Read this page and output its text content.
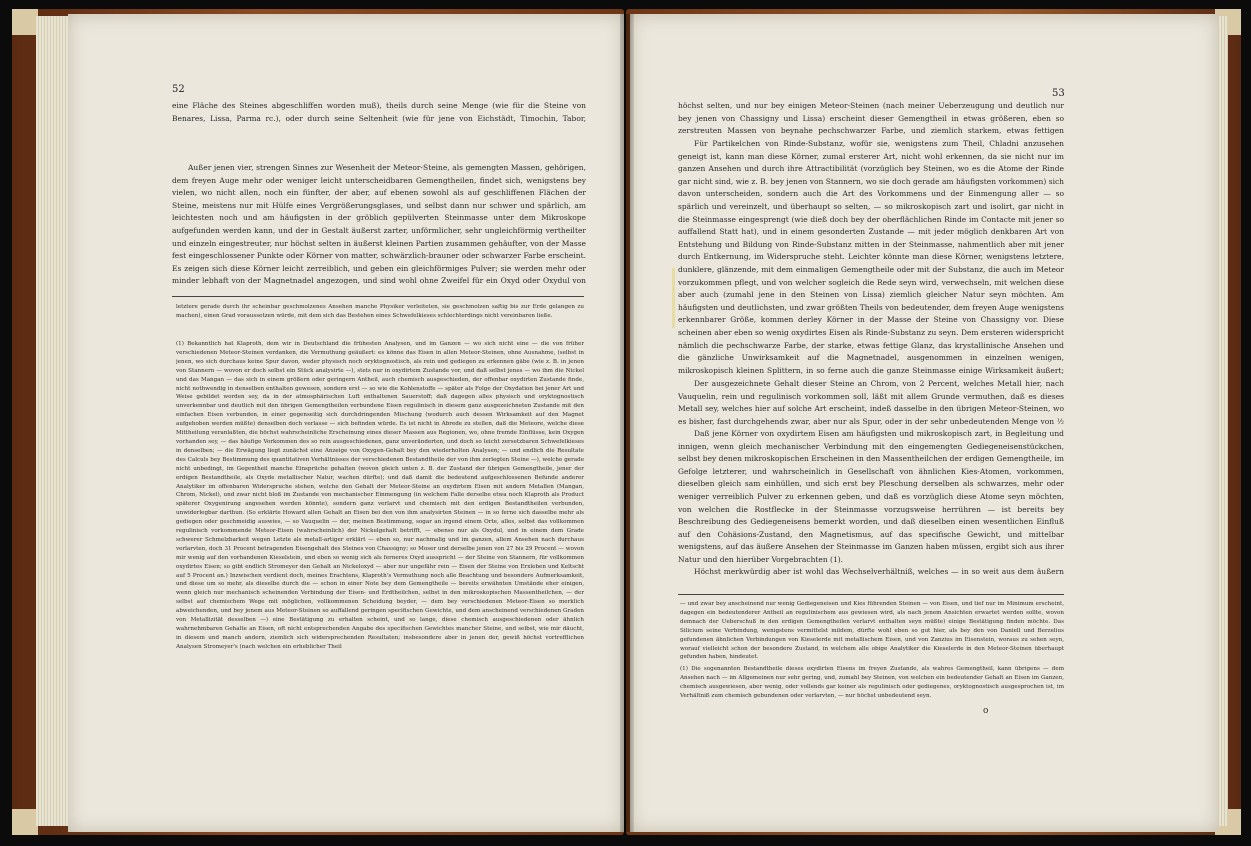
52
eine Fläche des Steines abgeschliffen worden muß), theils durch seine Menge (wie für die Steine von Benares, Lissa, Parma rc.), oder durch seine Seltenheit (wie für jene von Eichstädt, Timochin, Tabor,
Außer jenen vier, strengen Sinnes zur Wesenheit der Meteor-Steine, als gemengten Massen, gehörigen, dem freyen Auge mehr oder weniger leicht unterscheidbaren Gemengtheilen, findet sich, wenigstens bey vielen, wo nicht allen, noch ein fünfter, der aber, auf ebenen sowohl als auf geschliffenen Flächen der Steine, meistens nur mit Hülfe eines Vergrößerungsglases, und selbst dann nur schwer und spärlich, am leichtesten noch und am häufigsten in der gröblich gepülverten Steinmasse unter dem Mikroskope aufgefunden werden kann, und der in Gestalt äußerst zarter, unförmlicher, sehr ungleichförmig vertheilter und einzeln eingestreuter, nur höchst selten in äußerst kleinen Partien zusammen gehäufter, von der Masse fest eingeschlossener Punkte oder Körner von matter, schwärzlich-brauner oder schwarzer Farbe erscheint. Es zeigen sich diese Körner leicht zerreiblich, und geben ein gleichförmiges Pulver; sie werden mehr oder minder lebhaft von der Magnetnadel angezogen, und sind wohl ohne Zweifel für ein Oxyd oder Oxydul von
letztere gerade durch ihr scheinbar geschmolzenes Ansehen manche Physiker verleiteten, sie geschmolzen saftig bis zur Erde gelangen zu machen), einen Grad voraussetzen würde, mit dem sich das Bestehen eines Schwefelkieses schlechterdings nicht vereinbaren ließe.
(1) Bekanntlich hat Klaproth, dem wir in Deutschland die frühesten Analysen, und im Ganzen — wo sich nicht eine — die von früher verschiedenen Meteor-Steinen verdanken, die Vermuthung geäußert: es könne das Eisen in allen Meteor-Steinen, ohne Ausnahme, (selbst in jenen, wo sich durchaus keine Spur davon, weder physisch noch oryktognostisch, als rein und gediegen zu erkennen gäbe (wie z. B. in jenen von Stannern — wovon er doch selbst ein Stück analysirte —), stets nur in oxydirtem Zustande vor, und daß selbst jenes — wo ihm die Nickel und das Mangan — das sich in einem größern oder geringern Antheil, auch chemisch ausgeschieden, der offenbar oxydirten Zustande finde, nicht nothwendig in denselben enthalten gewesen, sondern erst — so wie die Kohlenstoffe — später als Folge der Oxydation bei jener Art und Weise gebildet worden sey, da in der atmosphärischen Luft enthaltenen Sauerstoff; daß dagegen alles physisch und oryktognostisch unverkennbar und deutlich mit den übrigen Gemengtheilen verbundene Eisen regulinisch in diesem ganz ausgezeichneten Zustande mit den einfachen Eisen verbunden, in einer gegenseitig sich durchdringenden Mischung (wodurch auch dessen Wirksamkeit auf den Magnet aufgehoben werden müßte) denselben doch verlasse — sich befinden würde. Es ist nicht in Abrede zu stellen, daß die Meteore, welche diese Mittheilung veranlaßten, die höchst wahrscheinliche Erscheinung eines dieser Massen aus Regionen, wo, ohne fremde Einflüsse, kein Oxygen vorhanden sey, — das häufige Vorkommen des so rein ausgeschiedenen, ganz unveränderten, und doch so leicht zersetzbaren Schwefelkieses in denselben; — die Erwägung liegt zunächst eine Anzeige von Oxygen-Gehalt bey den wiederholten Analysen; — und endlich die Resultate des Calculs bey Bestimmung des quantitativen Verhältnisses der verschiedenen Bestandtheile der von ihm zerlegten Steine —), welche gerade nicht unbedingt, im Gegentheil manche Einsprüche gehalten (wovon gleich unten z. B. der Zustand der übrigen Gemengtheile, jener der erdigen Bestandtheile, als Oxyde metallischer Natur, wachen dürfte); und daß damit die bedeutend aufgeschlossenen Befunde anderer Analytiker im offenbaren Widerspruche stehen, welche den Gehalt der Meteor-Steine an oxydirtem Eisen mit andern Metallen (Mangan, Chrom, Nickel), und zwar nicht bloß im Zustande von mechanischer Einmengung (in welchem Falle derselbe etwa noch Klaproth als Product späterer Oxygenirung angesehen werden könnte), sondern ganz verlarvt und chemisch mit den erdigen Bestandtheilen verbunden, unwiderlegbar darthun. (So erklärte Howard allen Gehalt an Eisen bei den von ihm analysirten Steinen — in so ferne sich dasselbe mehr als gediegen oder geschmeidig auswies, — so Vauquelin — der, meinen Bestimmung, sogar an irgend einem Orte, alles, selbst das vollkommen regulinisch vorkommende Meteor-Eisen (wahrscheinlich) der Nickelgehalt betrifft, — ebenso nur als Oxydul, und in einem dem Grade schwerer Schmelzbarkeit wegen Letzte als metall-artiger erklärt — eben so, nur nachmalig und im ganzen, allem Ansehen nach durchaus verlarvten, doch 31 Procent betragenden Eisengehalt des Steines von Chassigny; so Moser und derselbe jenen von 27 bis 29 Procent — wovon mir wenig auf den vorhandenen Kieselstein, und eben so wenig sich als ferneres Oxyd ausspricht — der Steine von Stannern, für vollkommen oxydirtes Eisen; so gibt endlich Stromeyer den Gehalt an Nickeloxyd — aber nur ungefähr rein — Eisen der Steine von Erxleben und Keltscht auf 5 Procent an.) Inzwischen verdient doch, meines Erachtens, Klaproth's Vermuthung noch alle Beachtung und besondere Aufmerksamkeit, und diese um so mehr, als dieselbe durch die — schon in einer Note bey dem Gemengtheile — bereits erwähnten Umstände eher einigen, wenn gleich nur mechanisch scheinenden Verbindung der Eisen- und Erdtheilchen, selbst in den mikroskopischen Massentheilchen, — der selbst auf chemischem Wege mit möglichen, vollkommenen Scheidung beyder, — dem bey verschiedenen Meteor-Eisen so merklich abweichenden, und bey jenem aus Meteor-Steinen so auffallend geringen specifischen Gewichte, und dem anscheinend verschiedenen Graden von Metallizität desselben —) eine Bestätigung zu erhalten scheint, und so lange, diese chemisch ausgeschiedenen oder ähnlich wahrnehmbaren Gehalte an Eisen, oft nicht entsprechenden Angabe des specifischen Gewichtes mancher Steine, und selbst, wie mir däucht, in diesem und manch andern, ziemlich sich widersprechenden Resultaten; insbesondere aber in jenen der, gewiß höchst vortrefflichen Analysen Stromeyer's (nach welchen ein erheblicher Theil
53
höchst selten, und nur bey einigen Meteor-Steinen (nach meiner Ueberzeugung und deutlich nur bey jenen von Chassigny und Lissa) erscheint dieser Gemengtheil in etwas größeren, eben so zerstreuten Massen von beynahe pechschwarzer Farbe, und ziemlich starkem, etwas fettigen
Für Partikelchen von Rinde-Substanz, wofür sie, wenigstens zum Theil, Chladni anzusehen geneigt ist, kann man diese Körner, zumal ersterer Art, nicht wohl erkennen, da sie nicht nur im ganzen Ansehen und durch ihre Attractibilität (vorzüglich bey Steinen, wo es die Atome der Rinde gar nicht sind, wie z. B. bey jenen von Stannern, wo sie doch gerade am häufigsten vorkommen) sich davon unterscheiden, sondern auch die Art des Vorkommens und der Einmengung aller — so spärlich und vereinzelt, und überhaupt so selten, — so mikroskopisch zart und isolirt, gar nicht in die Steinmasse eingesprengt (wie dieß doch bey der oberflächlichen Rinde im Contacte mit jener so auffallend Statt hat), und in einem gesonderten Zustande — mit jeder möglich denkbaren Art von Entstehung und Bildung von Rinde-Substanz mitten in der Steinmasse, nahmentlich aber mit jener durch Entkernung, im Widerspruche steht. Leichter könnte man diese Körner, wenigstens letztere, dunklere, glänzende, mit dem einmaligen Gemengtheile oder mit der Substanz, die auch im Meteor vorzukommen pflegt, und von welcher sogleich die Rede seyn wird, verwechseln, mit welchen diese aber auch (zumahl jene in den Steinen von Lissa) ziemlich gleicher Natur seyn möchten. Am häufigsten und deutlichsten, und zwar größten Theils von bedeutender, dem freyen Auge wenigstens erkennbarer Größe, kommen derley Körner in der Masse der Steine von Chassigny vor. Diese scheinen aber eben so wenig oxydirtes Eisen als Rinde-Substanz zu seyn. Dem ersteren widerspricht nämlich die pechschwarze Farbe, der starke, etwas fettige Glanz, das krystallinische Ansehen und die gänzliche Unwirksamkeit auf die Magnetnadel, ausgenommen in einzelnen wenigen, mikroskopisch kleinen Splittern, in so ferne auch die ganze Steinmasse einige Wirksamkeit äußert;
Der ausgezeichnete Gehalt dieser Steine an Chrom, von 2 Percent, welches Metall hier, nach Vauquelin, rein und regulinisch vorkommen soll, läßt mit allem Grunde vermuthen, daß es dieses Metall sey, welches hier auf solche Art erscheint, indeß dasselbe in den übrigen Meteor-Steinen, wo es bisher, fast durchgehends zwar, aber nur als Spur, oder in der sehr unbedeutenden Menge von ½
Daß jene Körner von oxydirtem Eisen am häufigsten und mikroskopisch zart, in Begleitung und innigen, wenn gleich mechanischer Verbindung mit den eingemengten Gediegeneisenstückchen, selbst bey denen mikroskopischen Erscheinen in den Massentheilchen der erdigen Gemengtheile, im Gefolge letzterer, und wahrscheinlich in Gesellschaft von ähnlichen Kies-Atomen, vorkommen, dieselben gleich sam einhüllen, und sich erst bey Pleschung derselben als schwarzes, mehr oder weniger verreiblich Pulver zu erkennen geben, und daß es vorzüglich diese Atome seyn möchten, von welchen die Rostflecke in der Steinmasse vorzugsweise herrühren — ist bereits bey Beschreibung des Gediegeneisens bemerkt worden, und daß dieselben einen wesentlichen Einfluß auf den Cohäsions-Zustand, den Magnetismus, auf das specifische Gewicht, und mittelbar wenigstens, auf das äußere Ansehen der Steinmasse im Ganzen haben müssen, ergibt sich aus ihrer Natur und den hierüber Vorgebrachten (1).
Höchst merkwürdig aber ist wohl das Wechselverhältniß, welches — in so weit aus dem äußern
— und zwar bey anscheinend nur wenig Gediegeneisen und Kies führenden Steinen — von Eisen, und tief nur im Minimum erscheint, dagegen ein bedeutenderer Antheil an regulinischem aus gewiesen wird, als nach jenem Ansichten erwartet werden sollte, wovon demnach der Ueberschuß in den erdigen Gemengtheilen verlarvt enthalten seyn müßte) einige Bestätigung finden möchte. Das Silicium seine Verbindung, wenigstens vermittelst mildem, dürfte wohl eben so gut hier, als bey den von Daniell und Berzelius gefundenen ähnlichen Verbindungen von Kieselerde mit metallischem Eisen, und von Zanzius im Eisenstein, woraus zu sehen seyn, worauf vielleicht schon der besondere Zustand, in welchem alle obige Analytiker die Kieselerde in den Meteor-Steinen überhaupt gefunden haben, hindeutet.
(1) Die sogenannten Bestandtheile dieses oxydirten Eisens im freyen Zustande, als wahres Gemengtheil, kann übrigens — dem Ansehen nach — im Allgemeinen nur sehr gering, und, zumahl bey Steinen, von welchen ein bedeutender Gehalt an Eisen im Ganzen, chemisch ausgewiesen, aber wenig, oder vollends gar keiner als regulinisch oder gediegenes, oryktognostisch ausgesprochen ist, im Verhältniß zum chemisch gebundenen oder verlarvten, — nur höchst unbedeutend seyn.
o
